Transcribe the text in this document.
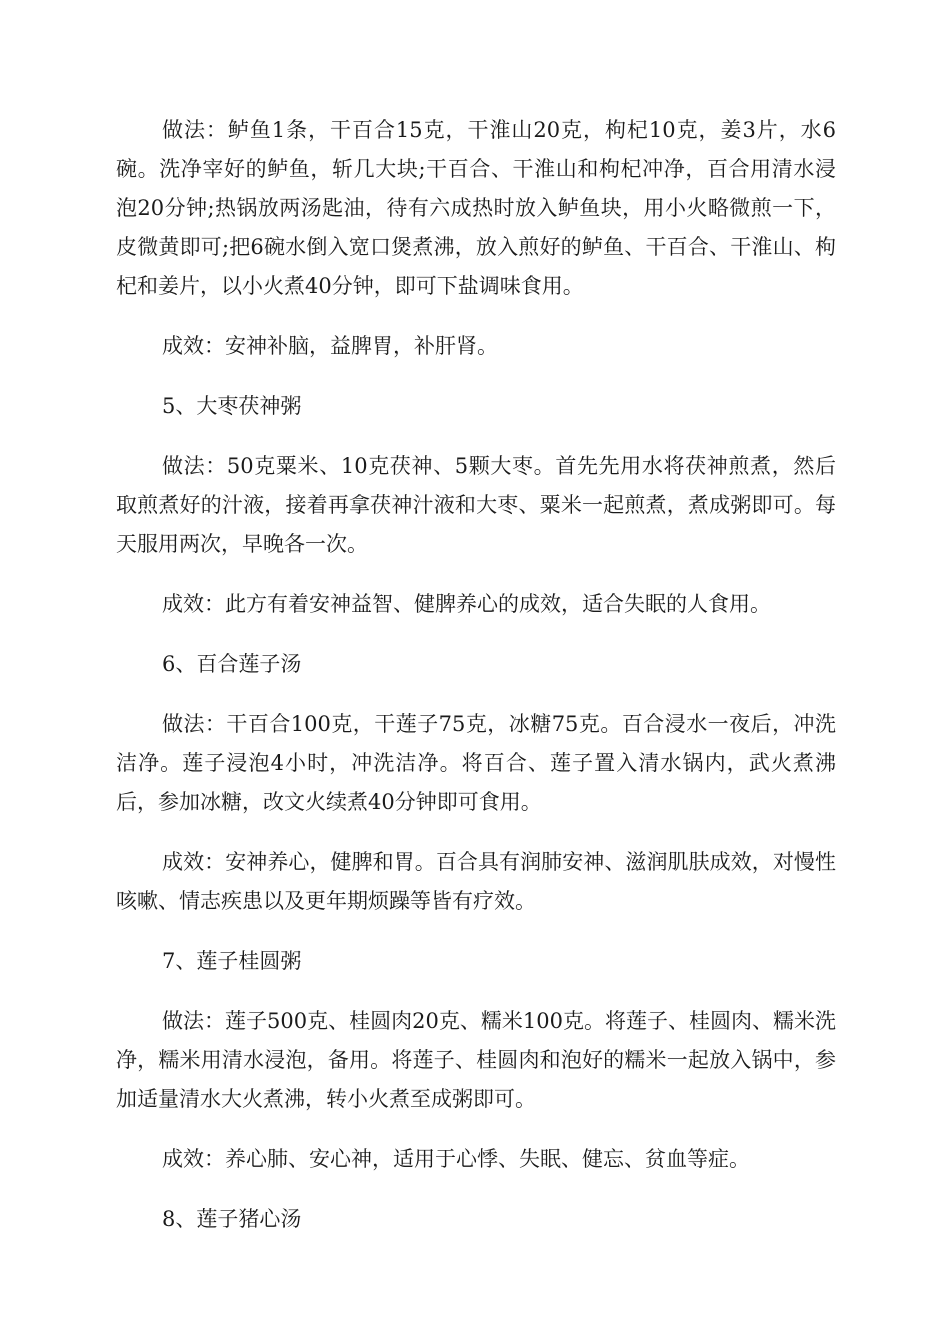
做法：鲈鱼1条，干百合15克，干淮山20克，枸杞10克，姜3片，水6碗。洗净宰好的鲈鱼，斩几大块;干百合、干淮山和枸杞冲净，百合用清水浸泡20分钟;热锅放两汤匙油，待有六成热时放入鲈鱼块，用小火略微煎一下，皮微黄即可;把6碗水倒入宽口煲煮沸，放入煎好的鲈鱼、干百合、干淮山、枸杞和姜片，以小火煮40分钟，即可下盐调味食用。

成效：安神补脑，益脾胃，补肝肾。

5、大枣茯神粥

做法：50克粟米、10克茯神、5颗大枣。首先先用水将茯神煎煮，然后取煎煮好的汁液，接着再拿茯神汁液和大枣、粟米一起煎煮，煮成粥即可。每天服用两次，早晚各一次。

成效：此方有着安神益智、健脾养心的成效，适合失眠的人食用。

6、百合莲子汤

做法：干百合100克，干莲子75克，冰糖75克。百合浸水一夜后，冲洗洁净。莲子浸泡4小时，冲洗洁净。将百合、莲子置入清水锅内，武火煮沸后，参加冰糖，改文火续煮40分钟即可食用。

成效：安神养心，健脾和胃。百合具有润肺安神、滋润肌肤成效，对慢性咳嗽、情志疾患以及更年期烦躁等皆有疗效。

7、莲子桂圆粥

做法：莲子500克、桂圆肉20克、糯米100克。将莲子、桂圆肉、糯米洗净，糯米用清水浸泡，备用。将莲子、桂圆肉和泡好的糯米一起放入锅中，参加适量清水大火煮沸，转小火煮至成粥即可。

成效：养心肺、安心神，适用于心悸、失眠、健忘、贫血等症。

8、莲子猪心汤
